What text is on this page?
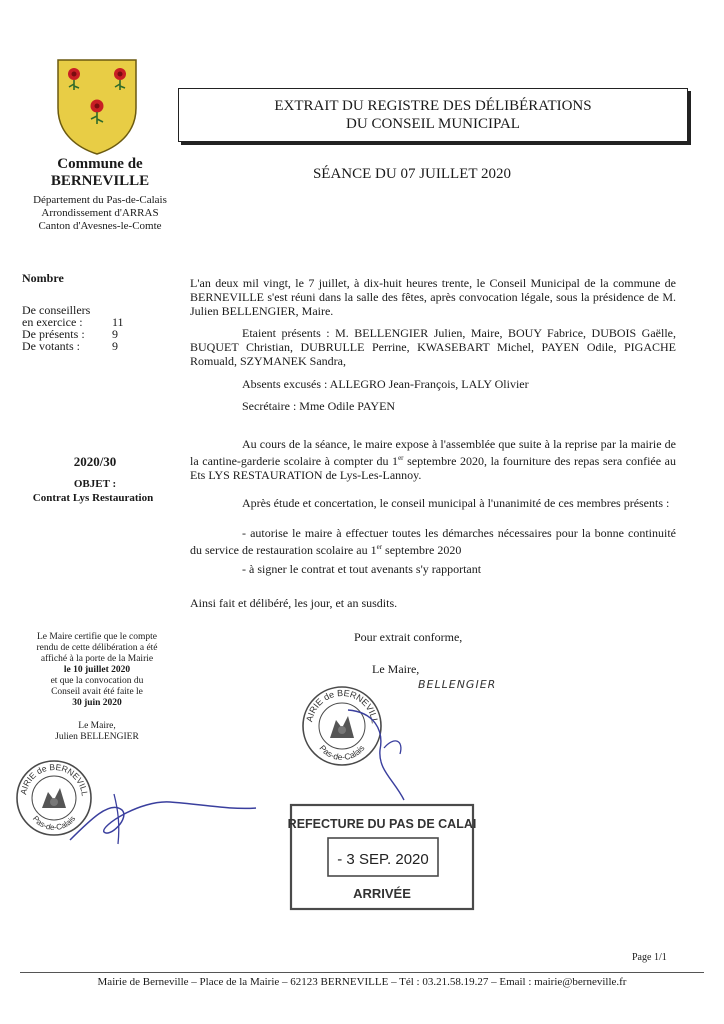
Commune de
BERNEVILLE
Département du Pas-de-Calais
Arrondissement d'ARRAS
Canton d'Avesnes-le-Comte
EXTRAIT DU REGISTRE DES DÉLIBÉRATIONS
DU CONSEIL MUNICIPAL
SÉANCE DU 07 JUILLET 2020
Nombre
De conseillers
en exercice :	11
De présents :	9
De votants :	9
2020/30
OBJET :
Contrat Lys Restauration
Le Maire certifie que le compte
rendu de cette délibération a été
affiché à la porte de la Mairie
le 10 juillet 2020
et que la convocation du
Conseil avait été faite le
30 juin 2020
Le Maire,
Julien BELLENGIER
AIRIE de BERNEVILL
Pas-de-Calais
L'an deux mil vingt, le 7 juillet, à dix-huit heures trente, le Conseil Municipal de la commune de BERNEVILLE s'est réuni dans la salle des fêtes, après convocation légale, sous la présidence de M. Julien BELLENGIER, Maire.
Etaient présents : M. BELLENGIER Julien, Maire, BOUY Fabrice, DUBOIS Gaëlle, BUQUET Christian, DUBRULLE Perrine, KWASEBART Michel, PAYEN Odile, PIGACHE Romuald, SZYMANEK Sandra,
Absents excusés : ALLEGRO Jean-François, LALY Olivier
Secrétaire : Mme Odile PAYEN
Au cours de la séance, le maire expose à l'assemblée que suite à la reprise par la mairie de la cantine-garderie scolaire à compter du 1er septembre 2020, la fourniture des repas sera confiée au Ets LYS RESTAURATION de Lys-Les-Lannoy.
Après étude et concertation, le conseil municipal à l'unanimité de ces membres présents :
- autorise le maire à effectuer toutes les démarches nécessaires pour la bonne continuité du service de restauration scolaire au 1er septembre 2020
- à signer le contrat et tout avenants s'y rapportant
Ainsi fait et délibéré, les jour, et an susdits.
Pour extrait conforme,
Le Maire,
BELLENGIER
AIRIE de BERNEVILL
Pas-de-Calais
PREFECTURE DU PAS DE CALAIS
- 3 SEP. 2020
ARRIVÉE
Page 1/1
Mairie de Berneville – Place de la Mairie – 62123 BERNEVILLE – Tél : 03.21.58.19.27 – Email : mairie@berneville.fr
